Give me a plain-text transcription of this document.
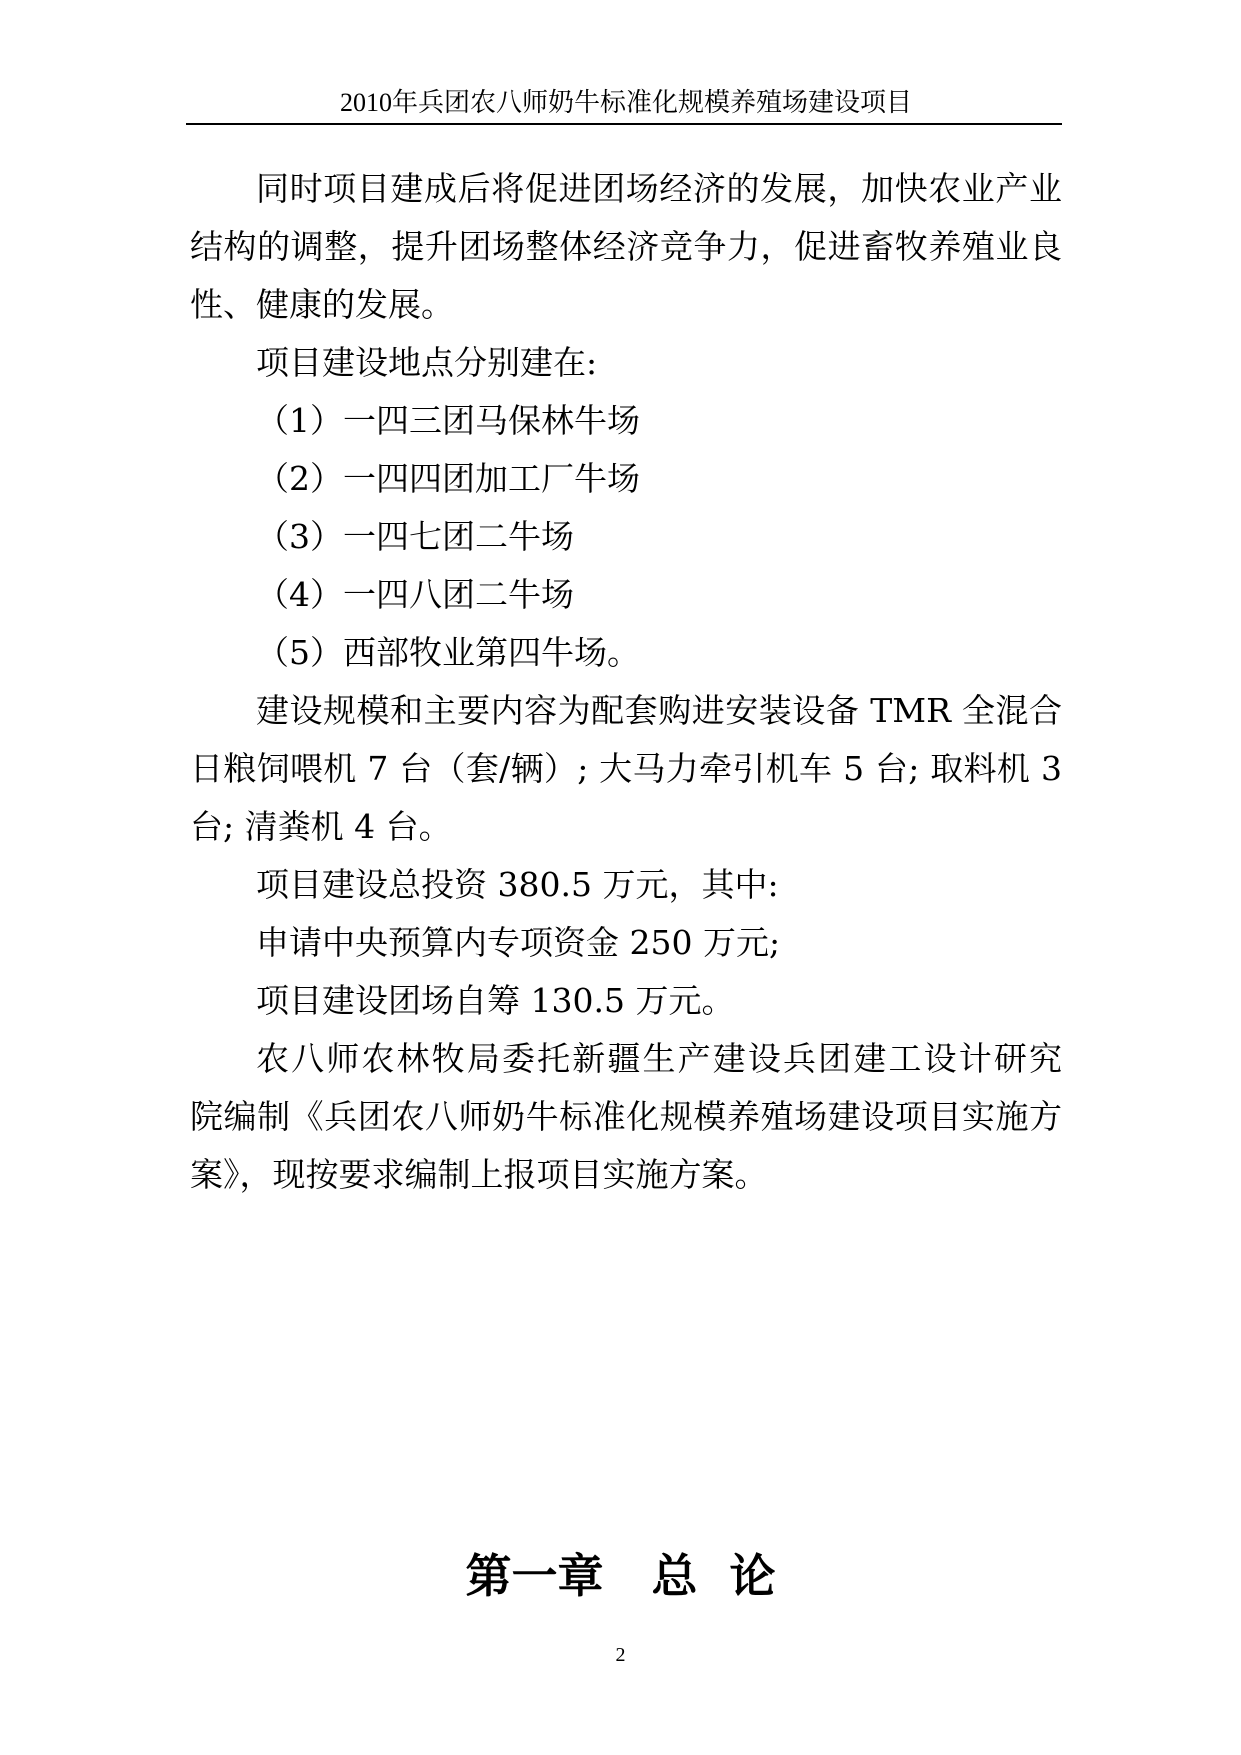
2010年兵团农八师奶牛标准化规模养殖场建设项目
同时项目建成后将促进团场经济的发展，加快农业产业
结构的调整，提升团场整体经济竞争力，促进畜牧养殖业良
性、健康的发展。
项目建设地点分别建在:
（1）一四三团马保林牛场
（2）一四四团加工厂牛场
（3）一四七团二牛场
（4）一四八团二牛场
（5）西部牧业第四牛场。
建设规模和主要内容为配套购进安装设备 TMR 全混合
日粮饲喂机 7 台（套/辆）; 大马力牵引机车 5 台; 取料机 3
台; 清粪机 4 台。
项目建设总投资 380.5 万元，其中:
申请中央预算内专项资金 250 万元;
项目建设团场自筹 130.5 万元。
农八师农林牧局委托新疆生产建设兵团建工设计研究
院编制《兵团农八师奶牛标准化规模养殖场建设项目实施方
案》，现按要求编制上报项目实施方案。
第一章   总  论
2
